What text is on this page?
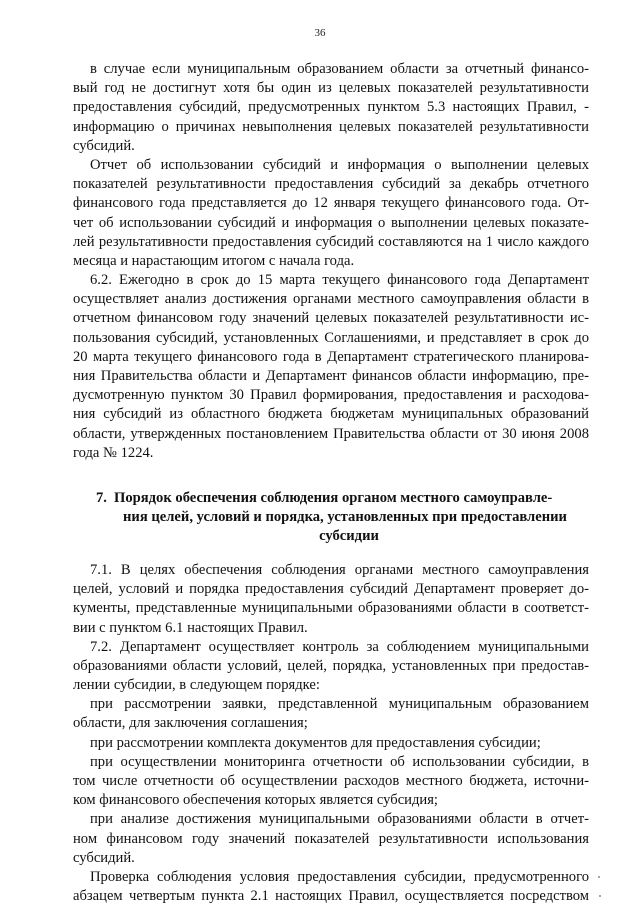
36
в случае если муниципальным образованием области за отчетный финансо-
вый год не достигнут хотя бы один из целевых показателей результативности
предоставления субсидий, предусмотренных пунктом 5.3 настоящих Правил, -
информацию о причинах невыполнения целевых показателей результативности
субсидий.
Отчет об использовании субсидий и информация о выполнении целевых
показателей результативности предоставления субсидий за декабрь отчетного
финансового года представляется до 12 января текущего финансового года. От-
чет об использовании субсидий и информация о выполнении целевых показате-
лей результативности предоставления субсидий составляются на 1 число каждого
месяца и нарастающим итогом с начала года.
6.2. Ежегодно в срок до 15 марта текущего финансового года Департамент
осуществляет анализ достижения органами местного самоуправления области в
отчетном финансовом году значений целевых показателей результативности ис-
пользования субсидий, установленных Соглашениями, и представляет в срок до
20 марта текущего финансового года в Департамент стратегического планирова-
ния Правительства области и Департамент финансов области информацию, пре-
дусмотренную пунктом 30 Правил формирования, предоставления и расходова-
ния субсидий из областного бюджета бюджетам муниципальных образований
области, утвержденных постановлением Правительства области от 30 июня 2008
года № 1224.
7. Порядок обеспечения соблюдения органом местного самоуправле-
ния целей, условий и порядка, установленных при предоставлении
субсидии
7.1. В целях обеспечения соблюдения органами местного самоуправления
целей, условий и порядка предоставления субсидий Департамент проверяет до-
кументы, представленные муниципальными образованиями области в соответст-
вии с пунктом 6.1 настоящих Правил.
7.2. Департамент осуществляет контроль за соблюдением муниципальными
образованиями области условий, целей, порядка, установленных при предостав-
лении субсидии, в следующем порядке:
при рассмотрении заявки, представленной муниципальным образованием
области, для заключения соглашения;
при рассмотрении комплекта документов для предоставления субсидии;
при осуществлении мониторинга отчетности об использовании субсидии, в
том числе отчетности об осуществлении расходов местного бюджета, источни-
ком финансового обеспечения которых является субсидия;
при анализе достижения муниципальными образованиями области в отчет-
ном финансовом году значений показателей результативности использования
субсидий.
Проверка соблюдения условия предоставления субсидии, предусмотренного
абзацем четвертым пункта 2.1 настоящих Правил, осуществляется посредством
